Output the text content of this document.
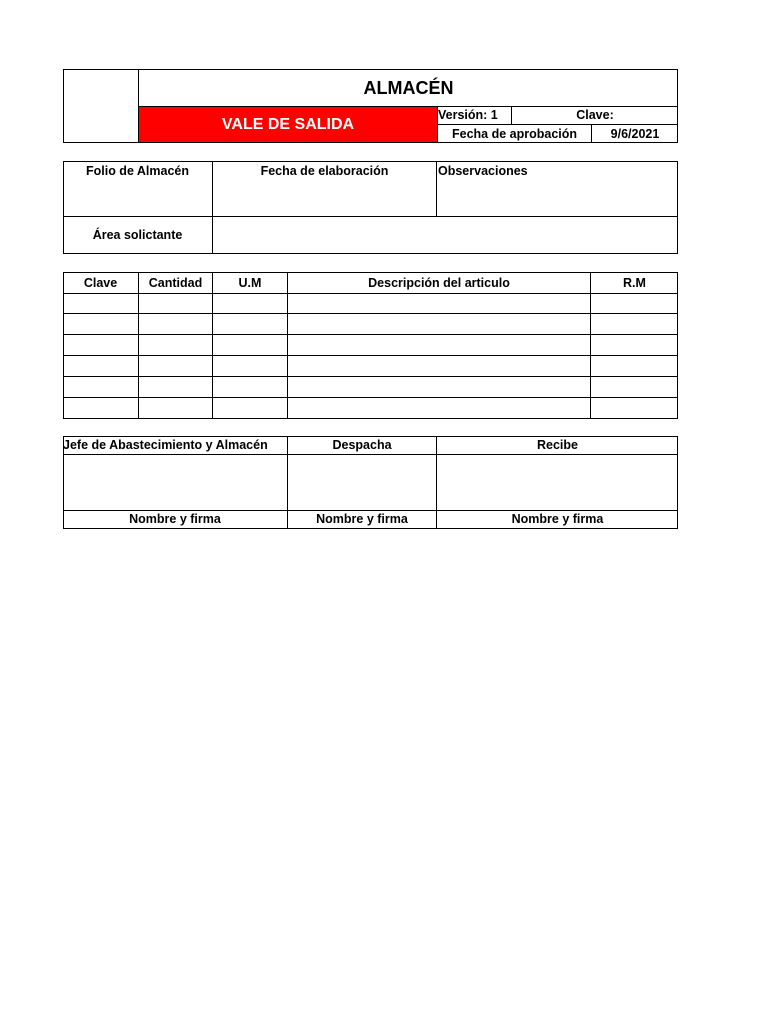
VALE DE SALIDA
ALMACÉN
Versión: 1	Clave:
Fecha de aprobación	9/6/2021
Folio de Almacén	Fecha de elaboración	Observaciones
Área solictante
Clave	Cantidad	U.M	Descripción del articulo	R.M
Jefe de Abastecimiento y Almacén	Despacha	Recibe
Nombre y firma	Nombre y firma	Nombre y firma
